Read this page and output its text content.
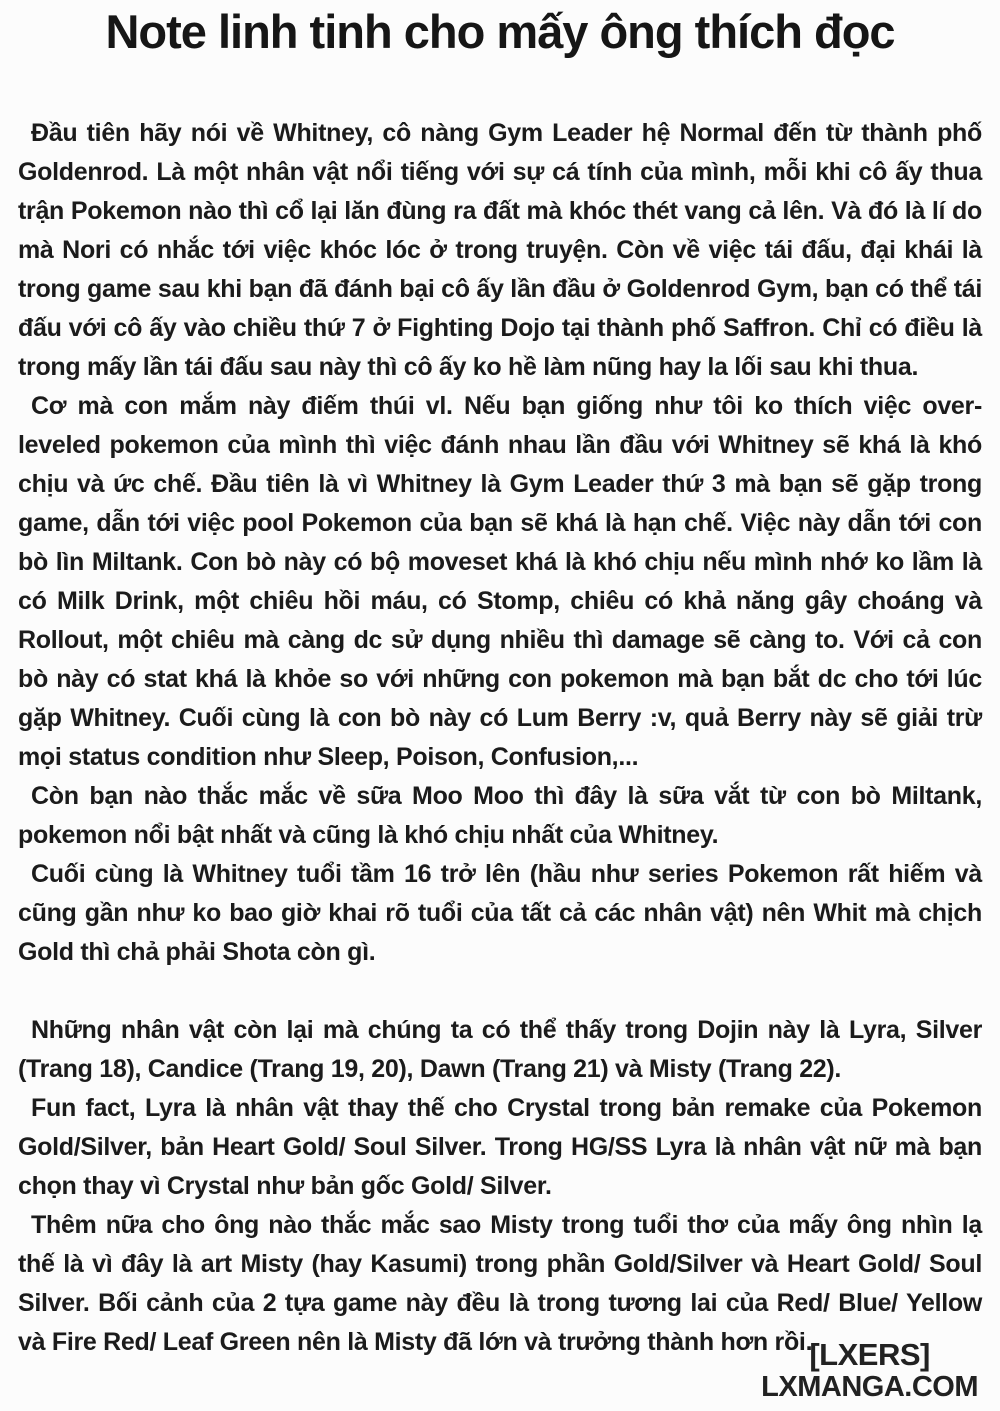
Note linh tinh cho mấy ông thích đọc

Đầu tiên hãy nói về Whitney, cô nàng Gym Leader hệ Normal đến từ thành phố Goldenrod. Là một nhân vật nổi tiếng với sự cá tính của mình, mỗi khi cô ấy thua trận Pokemon nào thì cổ lại lăn đùng ra đất mà khóc thét vang cả lên. Và đó là lí do mà Nori có nhắc tới việc khóc lóc ở trong truyện. Còn về việc tái đấu, đại khái là trong game sau khi bạn đã đánh bại cô ấy lần đầu ở Goldenrod Gym, bạn có thể tái đấu với cô ấy vào chiều thứ 7 ở Fighting Dojo tại thành phố Saffron. Chỉ có điều là trong mấy lần tái đấu sau này thì cô ấy ko hề làm nũng hay la lối sau khi thua.

Cơ mà con mắm này điếm thúi vl. Nếu bạn giống như tôi ko thích việc over-leveled pokemon của mình thì việc đánh nhau lần đầu với Whitney sẽ khá là khó chịu và ức chế. Đầu tiên là vì Whitney là Gym Leader thứ 3 mà bạn sẽ gặp trong game, dẫn tới việc pool Pokemon của bạn sẽ khá là hạn chế. Việc này dẫn tới con bò lìn Miltank. Con bò này có bộ moveset khá là khó chịu nếu mình nhớ ko lầm là có Milk Drink, một chiêu hồi máu, có Stomp, chiêu có khả năng gây choáng và Rollout, một chiêu mà càng dc sử dụng nhiều thì damage sẽ càng to. Với cả con bò này có stat khá là khỏe so với những con pokemon mà bạn bắt dc cho tới lúc gặp Whitney. Cuối cùng là con bò này có Lum Berry :v, quả Berry này sẽ giải trừ mọi status condition như Sleep, Poison, Confusion,...

Còn bạn nào thắc mắc về sữa Moo Moo thì đây là sữa vắt từ con bò Miltank, pokemon nổi bật nhất và cũng là khó chịu nhất của Whitney.

Cuối cùng là Whitney tuổi tầm 16 trở lên (hầu như series Pokemon rất hiếm và cũng gần như ko bao giờ khai rõ tuổi của tất cả các nhân vật) nên Whit mà chịch Gold thì chả phải Shota còn gì.

Những nhân vật còn lại mà chúng ta có thể thấy trong Dojin này là Lyra, Silver (Trang 18), Candice (Trang 19, 20), Dawn (Trang 21) và Misty (Trang 22).

Fun fact, Lyra là nhân vật thay thế cho Crystal trong bản remake của Pokemon Gold/Silver, bản Heart Gold/ Soul Silver. Trong HG/SS Lyra là nhân vật nữ mà bạn chọn thay vì Crystal như bản gốc Gold/ Silver.

Thêm nữa cho ông nào thắc mắc sao Misty trong tuổi thơ của mấy ông nhìn lạ thế là vì đây là art Misty (hay Kasumi) trong phần Gold/Silver và Heart Gold/ Soul Silver. Bối cảnh của 2 tựa game này đều là trong tương lai của Red/ Blue/ Yellow và Fire Red/ Leaf Green nên là Misty đã lớn và trưởng thành hơn rồi.

[LXERS]
LXMANGA.COM
